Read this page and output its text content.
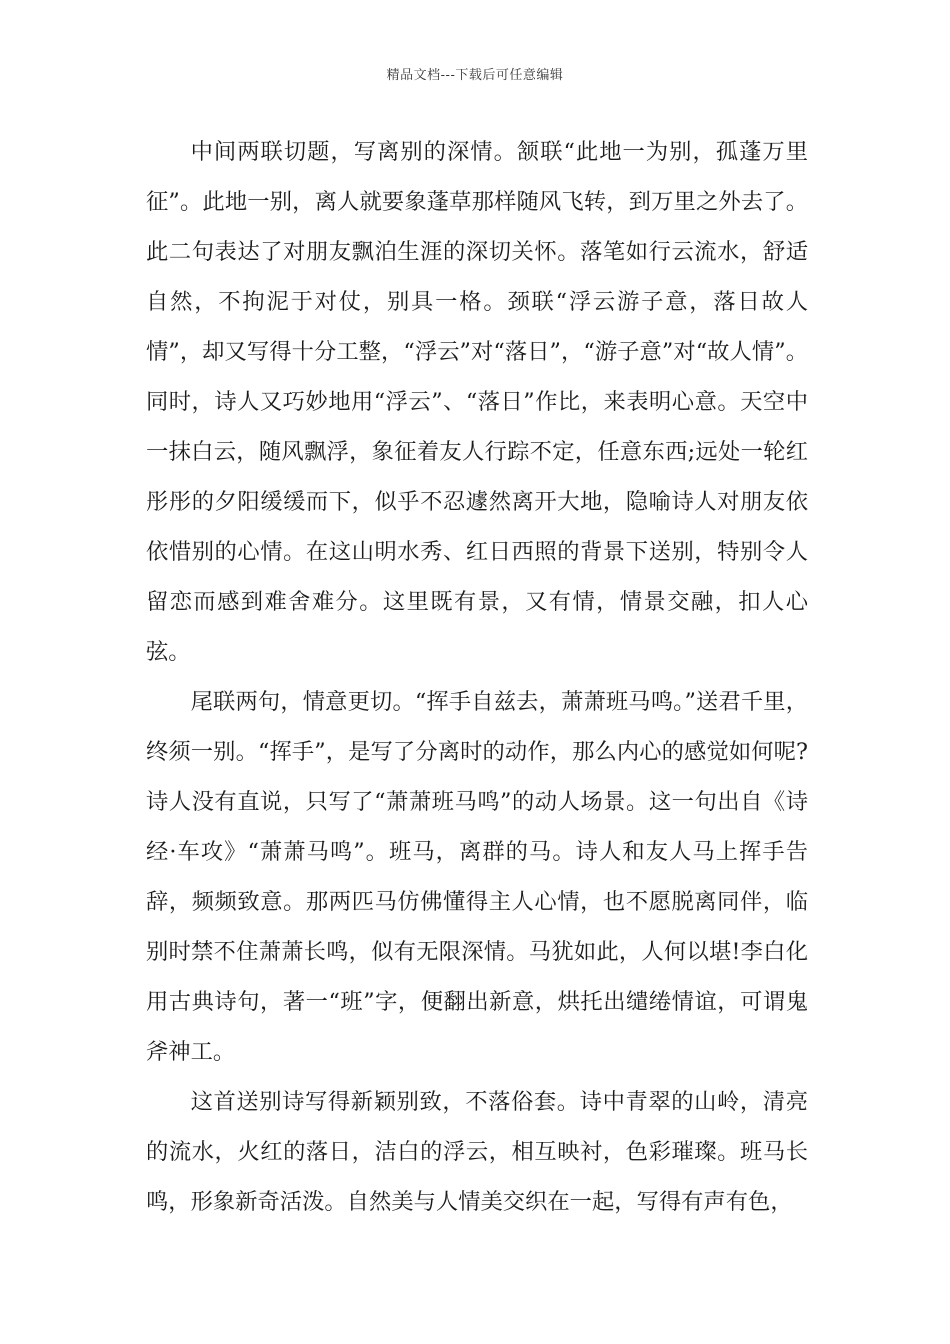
精品文档---下载后可任意编辑

中间两联切题，写离别的深情。颔联“此地一为别，孤蓬万里征”。此地一别，离人就要象蓬草那样随风飞转，到万里之外去了。此二句表达了对朋友飘泊生涯的深切关怀。落笔如行云流水，舒适自然，不拘泥于对仗，别具一格。颈联“浮云游子意，落日故人情”，却又写得十分工整，“浮云”对“落日”，“游子意”对“故人情”。同时，诗人又巧妙地用“浮云”、“落日”作比，来表明心意。天空中一抹白云，随风飘浮，象征着友人行踪不定，任意东西;远处一轮红彤彤的夕阳缓缓而下，似乎不忍遽然离开大地，隐喻诗人对朋友依依惜别的心情。在这山明水秀、红日西照的背景下送别，特别令人留恋而感到难舍难分。这里既有景，又有情，情景交融，扣人心弦。

尾联两句，情意更切。“挥手自兹去，萧萧班马鸣。”送君千里，终须一别。“挥手”，是写了分离时的动作，那么内心的感觉如何呢?诗人没有直说，只写了“萧萧班马鸣”的动人场景。这一句出自《诗经·车攻》“萧萧马鸣”。班马，离群的马。诗人和友人马上挥手告辞，频频致意。那两匹马仿佛懂得主人心情，也不愿脱离同伴，临别时禁不住萧萧长鸣，似有无限深情。马犹如此，人何以堪!李白化用古典诗句，著一“班”字，便翻出新意，烘托出缱绻情谊，可谓鬼斧神工。

这首送别诗写得新颖别致，不落俗套。诗中青翠的山岭，清亮的流水，火红的落日，洁白的浮云，相互映衬，色彩璀璨。班马长鸣，形象新奇活泼。自然美与人情美交织在一起，写得有声有色，
